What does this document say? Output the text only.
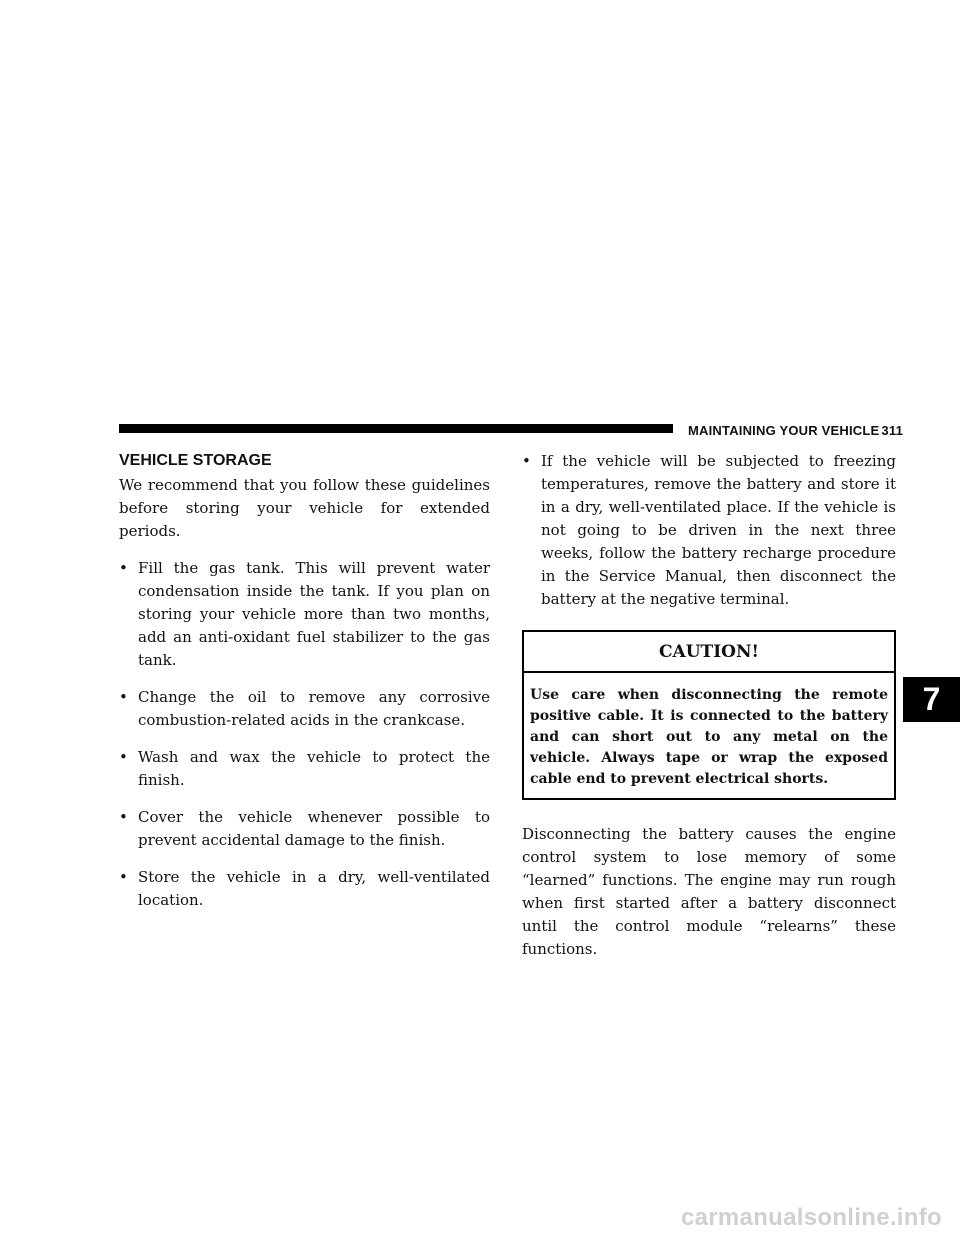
MAINTAINING YOUR VEHICLE 311
7
VEHICLE STORAGE

We recommend that you follow these guidelines before storing your vehicle for extended periods.

• Fill the gas tank. This will prevent water condensation inside the tank. If you plan on storing your vehicle more than two months, add an anti-oxidant fuel stabilizer to the gas tank.
• Change the oil to remove any corrosive combustion-related acids in the crankcase.
• Wash and wax the vehicle to protect the finish.
• Cover the vehicle whenever possible to prevent accidental damage to the finish.
• Store the vehicle in a dry, well-ventilated location.
• If the vehicle will be subjected to freezing temperatures, remove the battery and store it in a dry, well-ventilated place. If the vehicle is not going to be driven in the next three weeks, follow the battery recharge procedure in the Service Manual, then disconnect the battery at the negative terminal.
CAUTION!
Use care when disconnecting the remote positive cable. It is connected to the battery and can short out to any metal on the vehicle. Always tape or wrap the exposed cable end to prevent electrical shorts.

Disconnecting the battery causes the engine control system to lose memory of some “learned” functions. The engine may run rough when first started after a battery disconnect until the control module “relearns” these functions.

carmanualsonline.info
